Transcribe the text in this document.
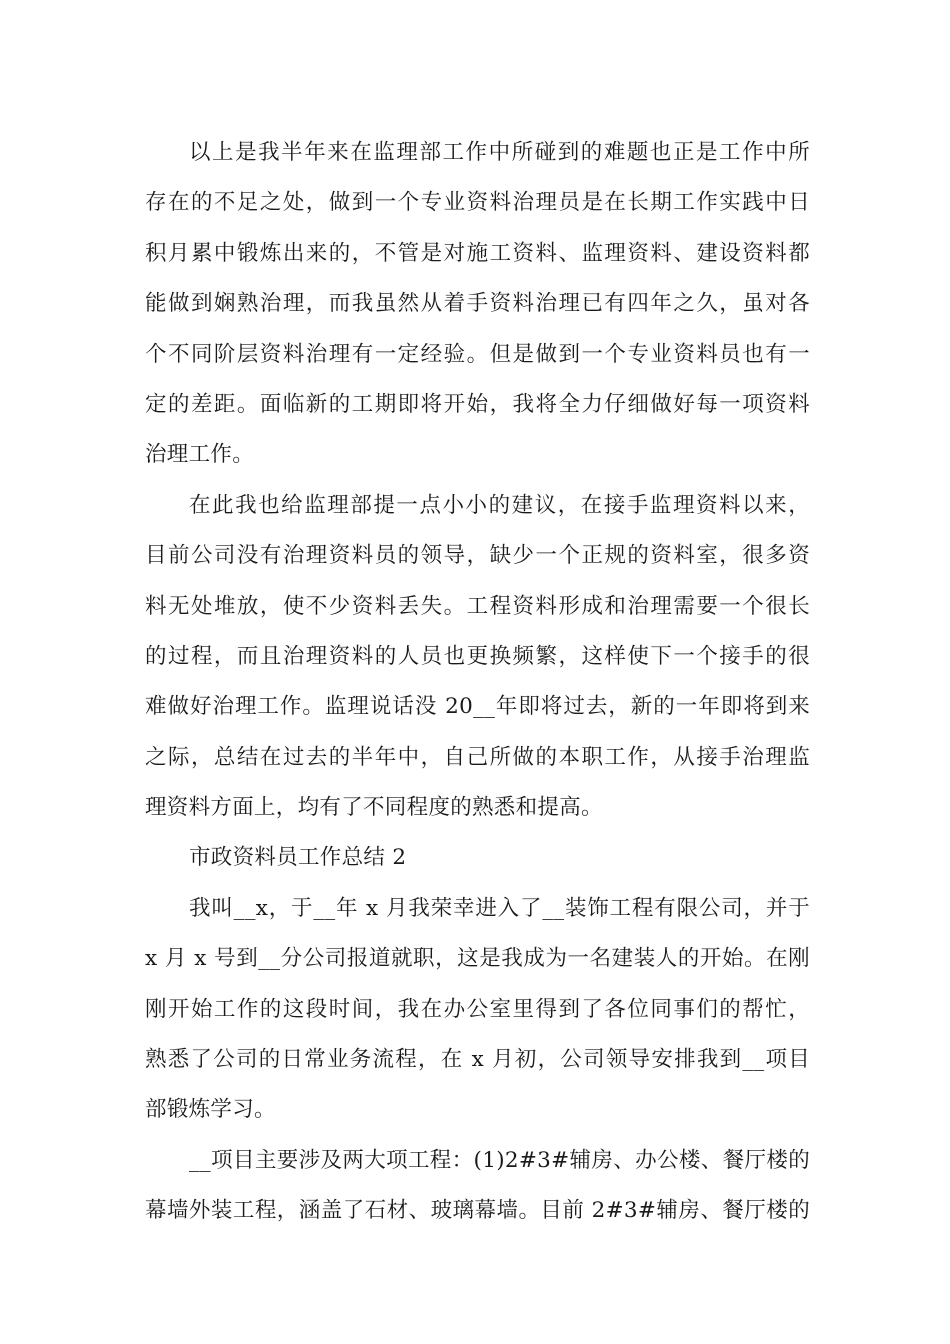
以上是我半年来在监理部工作中所碰到的难题也正是工作中所
存在的不足之处，做到一个专业资料治理员是在长期工作实践中日
积月累中锻炼出来的，不管是对施工资料、监理资料、建设资料都
能做到娴熟治理，而我虽然从着手资料治理已有四年之久，虽对各
个不同阶层资料治理有一定经验。但是做到一个专业资料员也有一
定的差距。面临新的工期即将开始，我将全力仔细做好每一项资料
治理工作。
在此我也给监理部提一点小小的建议，在接手监理资料以来，
目前公司没有治理资料员的领导，缺少一个正规的资料室，很多资
料无处堆放，使不少资料丢失。工程资料形成和治理需要一个很长
的过程，而且治理资料的人员也更换频繁，这样使下一个接手的很
难做好治理工作。监理说话没 20__年即将过去，新的一年即将到来
之际，总结在过去的半年中，自己所做的本职工作，从接手治理监
理资料方面上，均有了不同程度的熟悉和提高。
市政资料员工作总结 2
我叫__x，于__年 x 月我荣幸进入了__装饰工程有限公司，并于
x 月 x 号到__分公司报道就职，这是我成为一名建装人的开始。在刚
刚开始工作的这段时间，我在办公室里得到了各位同事们的帮忙，
熟悉了公司的日常业务流程，在 x 月初，公司领导安排我到__项目
部锻炼学习。
__项目主要涉及两大项工程：(1)2#3#辅房、办公楼、餐厅楼的
幕墙外装工程，涵盖了石材、玻璃幕墙。目前 2#3#辅房、餐厅楼的
